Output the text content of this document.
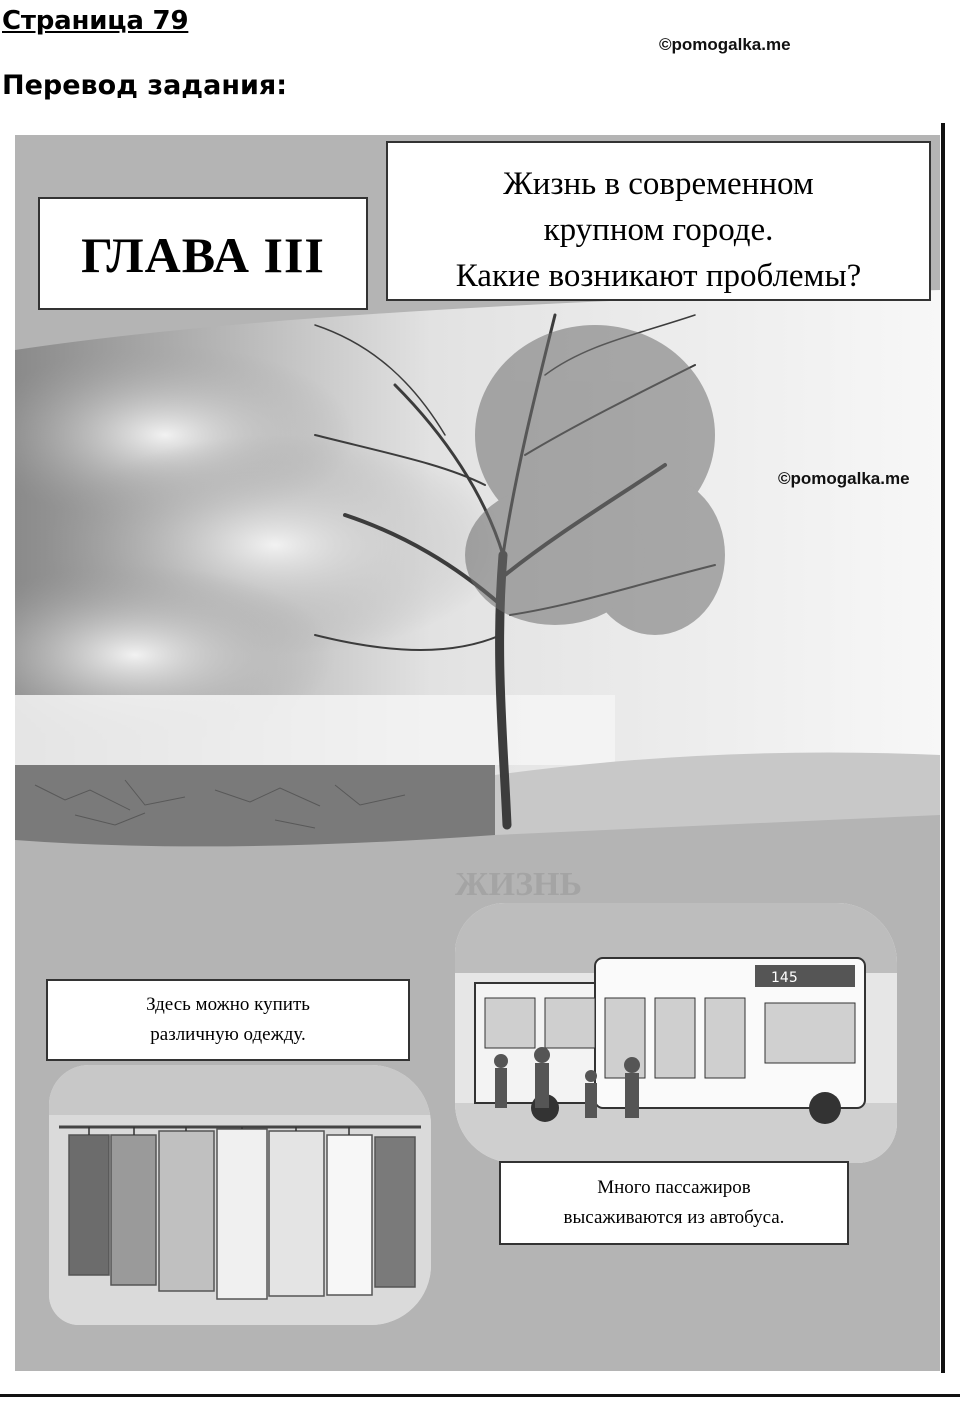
Страница 79
©pomogalka.me
Перевод задания:
ЖИЗНЬ
ГЛАВА III
Жизнь в современном
крупном городе.
Какие возникают проблемы?
145
Здесь можно купить
различную одежду.
Много пассажиров
высаживаются из автобуса.
©pomogalka.me
